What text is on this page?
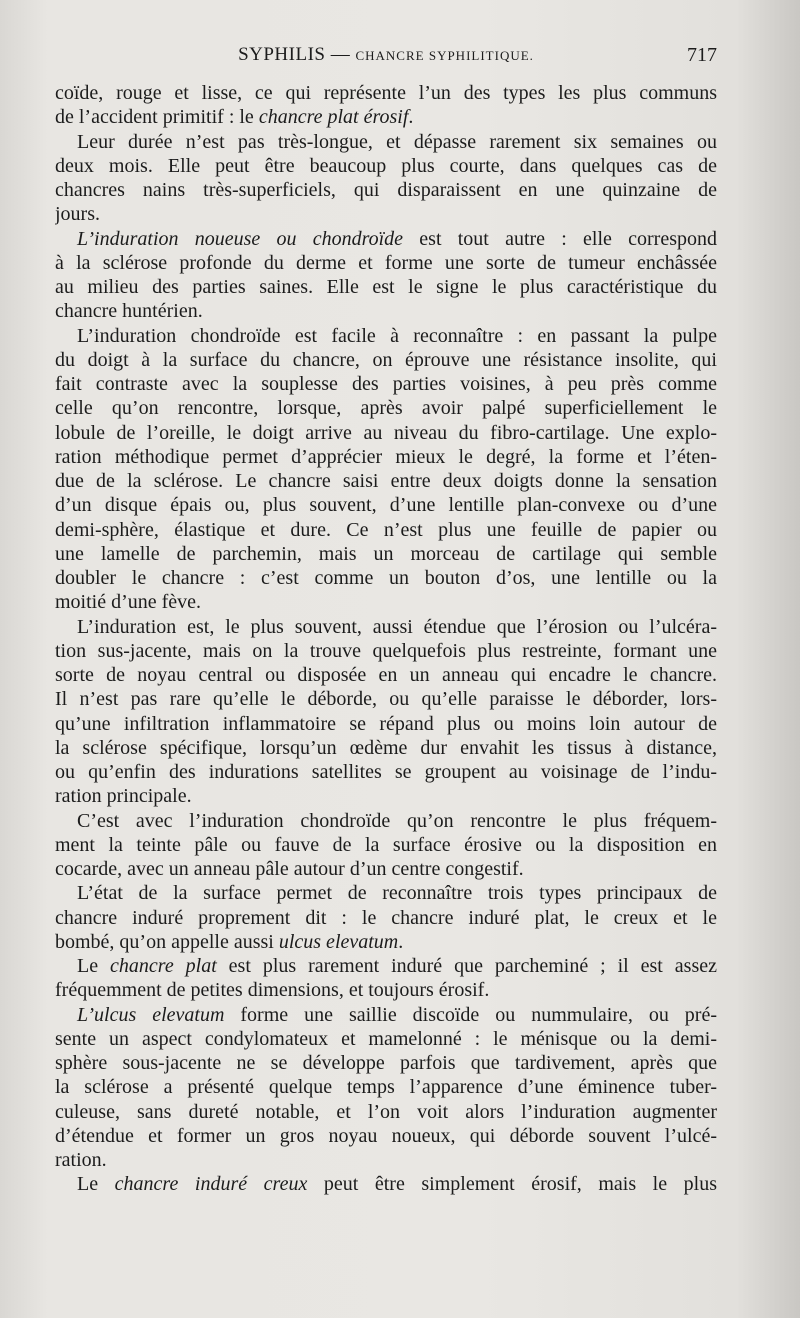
SYPHILIS — CHANCRE SYPHILITIQUE.	717
coïde, rouge et lisse, ce qui représente l’un des types les plus communs
de l’accident primitif : le chancre plat érosif.
Leur durée n’est pas très-longue, et dépasse rarement six semaines ou
deux mois. Elle peut être beaucoup plus courte, dans quelques cas de
chancres nains très-superficiels, qui disparaissent en une quinzaine de
jours.
L’induration noueuse ou chondroïde est tout autre : elle correspond
à la sclérose profonde du derme et forme une sorte de tumeur enchâssée
au milieu des parties saines. Elle est le signe le plus caractéristique du
chancre huntérien.
L’induration chondroïde est facile à reconnaître : en passant la pulpe
du doigt à la surface du chancre, on éprouve une résistance insolite, qui
fait contraste avec la souplesse des parties voisines, à peu près comme
celle qu’on rencontre, lorsque, après avoir palpé superficiellement le
lobule de l’oreille, le doigt arrive au niveau du fibro-cartilage. Une explo-
ration méthodique permet d’apprécier mieux le degré, la forme et l’éten-
due de la sclérose. Le chancre saisi entre deux doigts donne la sensation
d’un disque épais ou, plus souvent, d’une lentille plan-convexe ou d’une
demi-sphère, élastique et dure. Ce n’est plus une feuille de papier ou
une lamelle de parchemin, mais un morceau de cartilage qui semble
doubler le chancre : c’est comme un bouton d’os, une lentille ou la
moitié d’une fève.
L’induration est, le plus souvent, aussi étendue que l’érosion ou l’ulcéra-
tion sus-jacente, mais on la trouve quelquefois plus restreinte, formant une
sorte de noyau central ou disposée en un anneau qui encadre le chancre.
Il n’est pas rare qu’elle le déborde, ou qu’elle paraisse le déborder, lors-
qu’une infiltration inflammatoire se répand plus ou moins loin autour de
la sclérose spécifique, lorsqu’un œdème dur envahit les tissus à distance,
ou qu’enfin des indurations satellites se groupent au voisinage de l’indu-
ration principale.
C’est avec l’induration chondroïde qu’on rencontre le plus fréquem-
ment la teinte pâle ou fauve de la surface érosive ou la disposition en
cocarde, avec un anneau pâle autour d’un centre congestif.
L’état de la surface permet de reconnaître trois types principaux de
chancre induré proprement dit : le chancre induré plat, le creux et le
bombé, qu’on appelle aussi ulcus elevatum.
Le chancre plat est plus rarement induré que parcheminé ; il est assez
fréquemment de petites dimensions, et toujours érosif.
L’ulcus elevatum forme une saillie discoïde ou nummulaire, ou pré-
sente un aspect condylomateux et mamelonné : le ménisque ou la demi-
sphère sous-jacente ne se développe parfois que tardivement, après que
la sclérose a présenté quelque temps l’apparence d’une éminence tuber-
culeuse, sans dureté notable, et l’on voit alors l’induration augmenter
d’étendue et former un gros noyau noueux, qui déborde souvent l’ulcé-
ration.
Le chancre induré creux peut être simplement érosif, mais le plus
